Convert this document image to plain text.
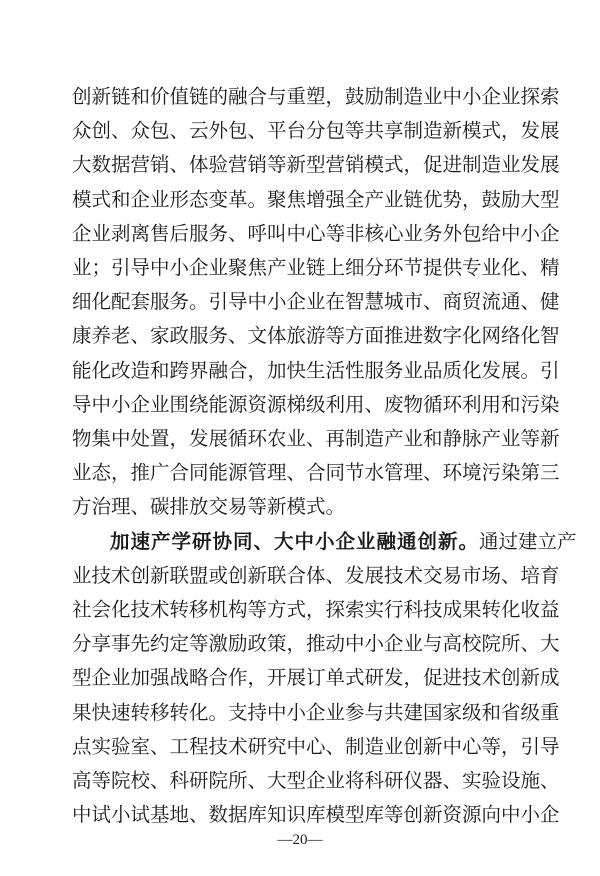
创新链和价值链的融合与重塑，鼓励制造业中小企业探索
众创、众包、云外包、平台分包等共享制造新模式，发展
大数据营销、体验营销等新型营销模式，促进制造业发展
模式和企业形态变革。聚焦增强全产业链优势，鼓励大型
企业剥离售后服务、呼叫中心等非核心业务外包给中小企
业；引导中小企业聚焦产业链上细分环节提供专业化、精
细化配套服务。引导中小企业在智慧城市、商贸流通、健
康养老、家政服务、文体旅游等方面推进数字化网络化智
能化改造和跨界融合，加快生活性服务业品质化发展。引
导中小企业围绕能源资源梯级利用、废物循环利用和污染
物集中处置，发展循环农业、再制造产业和静脉产业等新
业态，推广合同能源管理、合同节水管理、环境污染第三
方治理、碳排放交易等新模式。
加速产学研协同、大中小企业融通创新。通过建立产
业技术创新联盟或创新联合体、发展技术交易市场、培育
社会化技术转移机构等方式，探索实行科技成果转化收益
分享事先约定等激励政策，推动中小企业与高校院所、大
型企业加强战略合作，开展订单式研发，促进技术创新成
果快速转移转化。支持中小企业参与共建国家级和省级重
点实验室、工程技术研究中心、制造业创新中心等，引导
高等院校、科研院所、大型企业将科研仪器、实验设施、
中试小试基地、数据库知识库模型库等创新资源向中小企
—20—
